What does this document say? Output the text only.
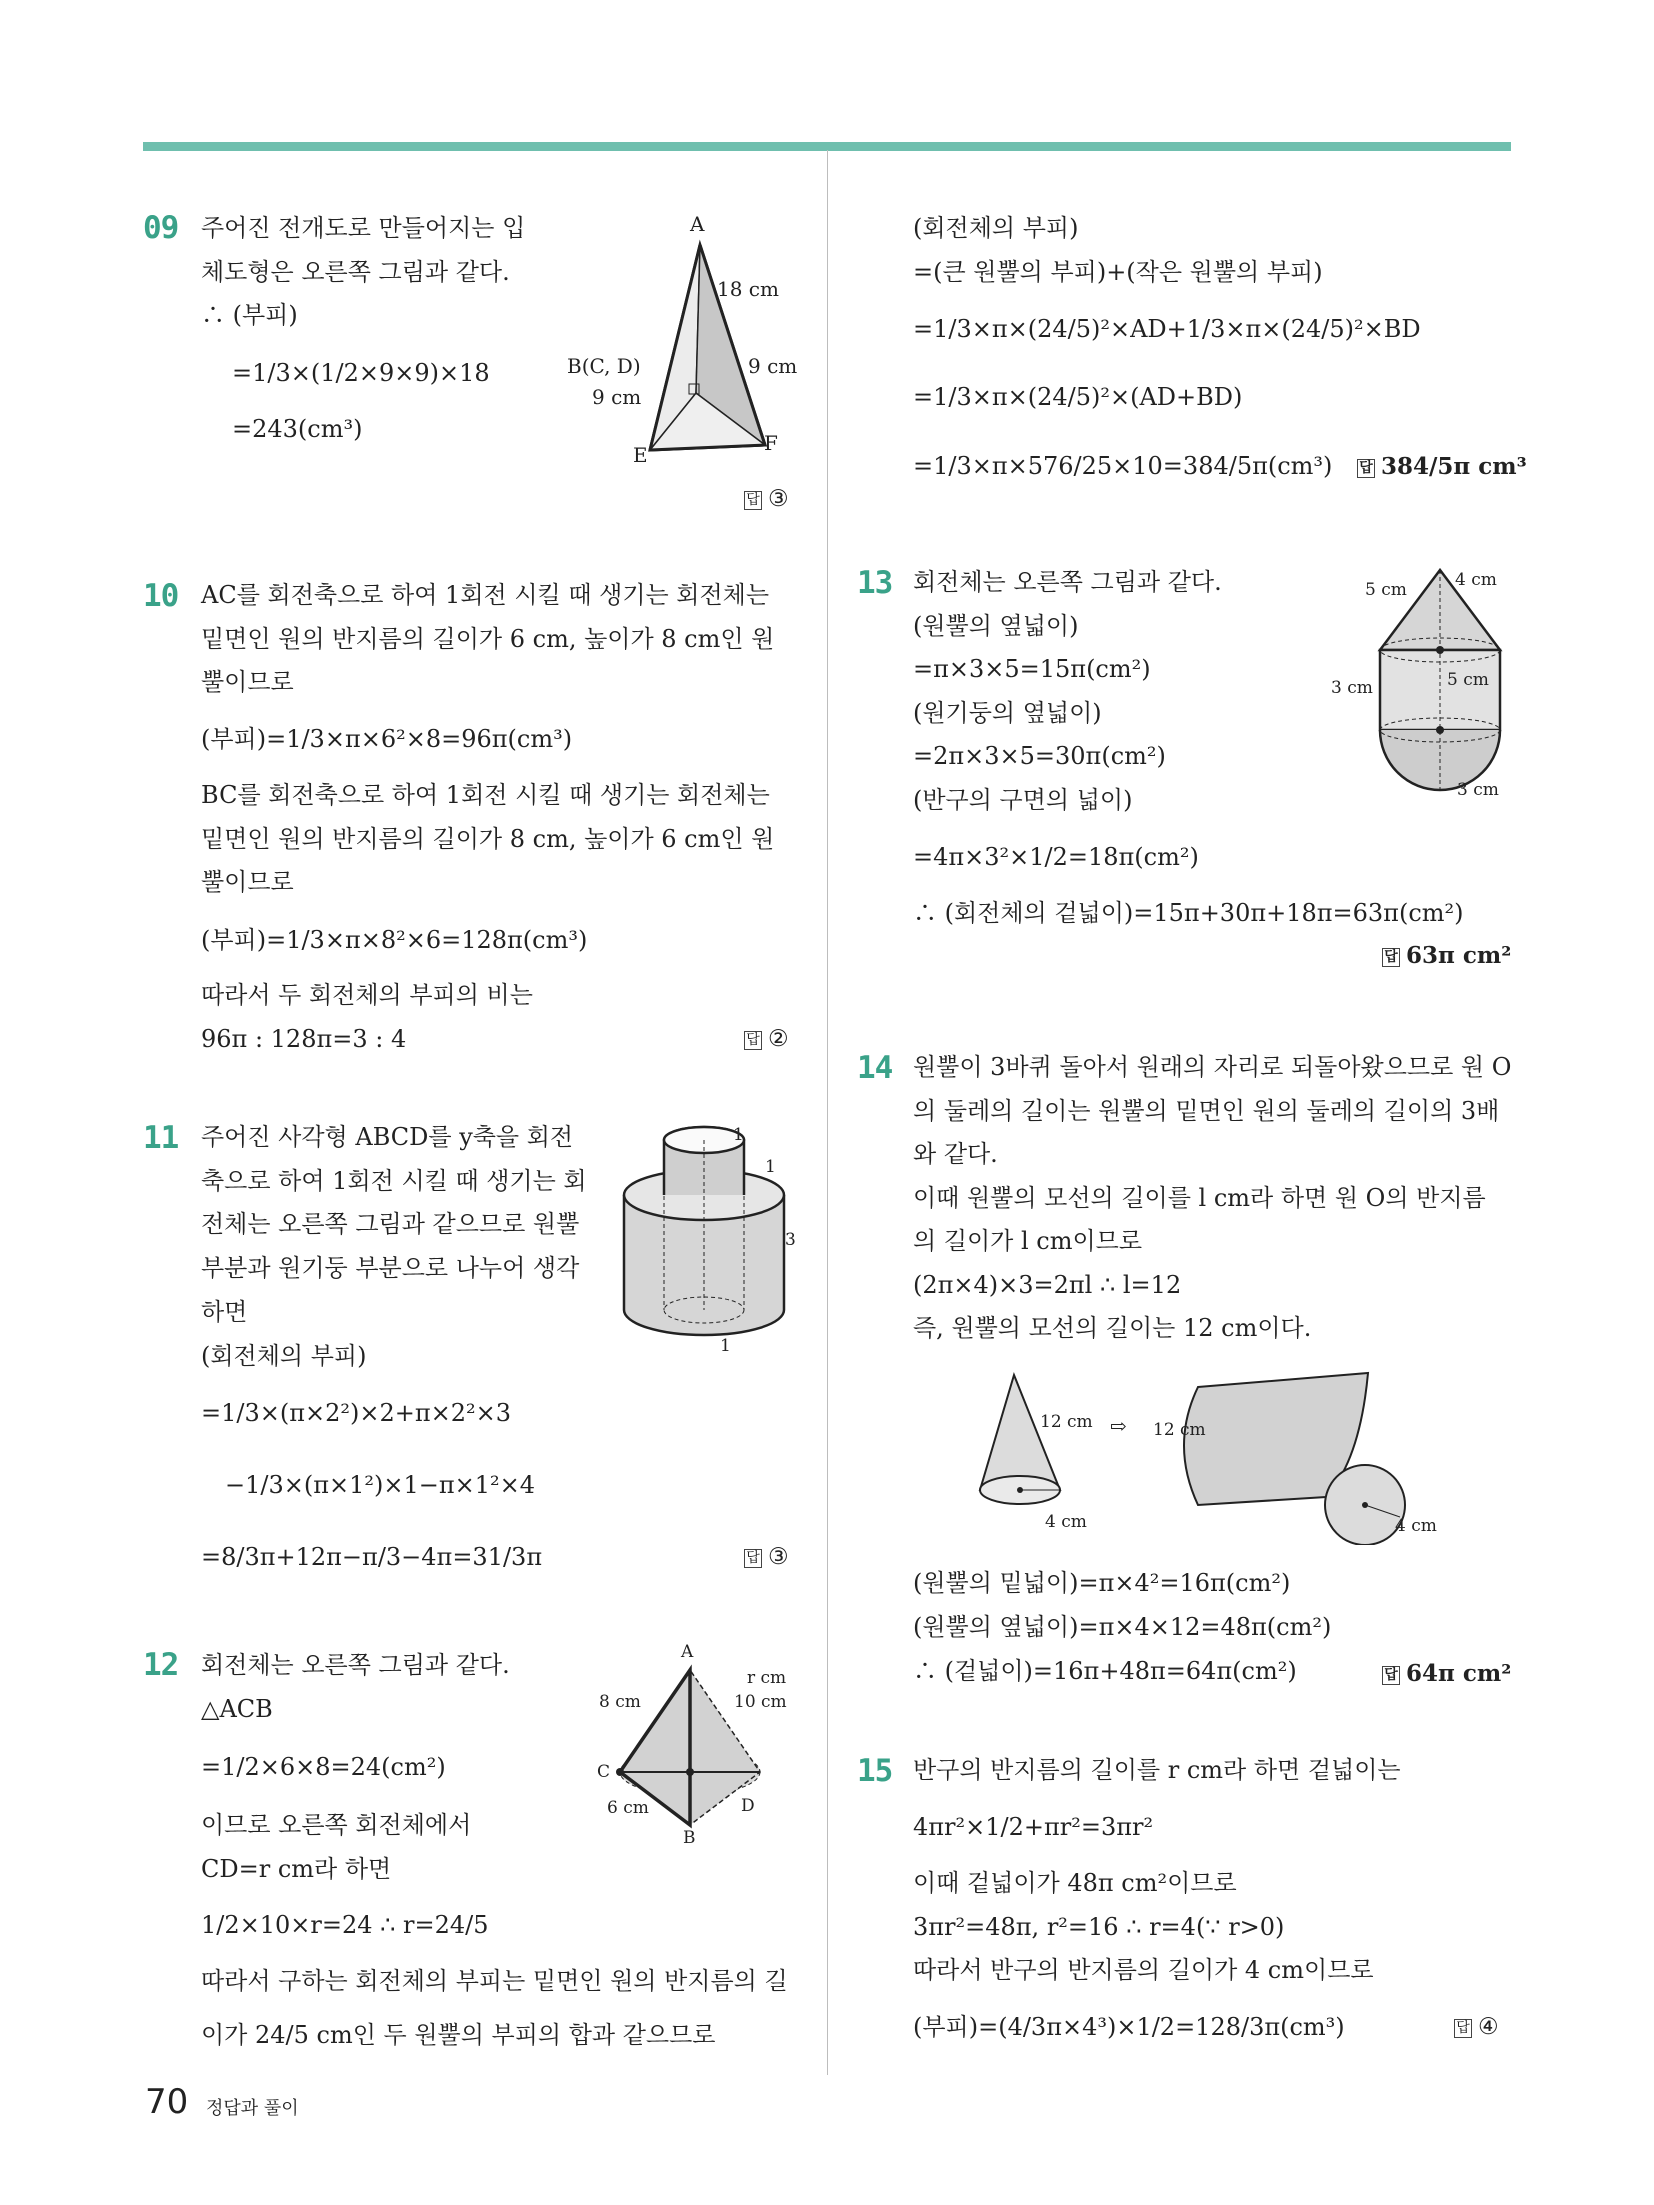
09 주어진 전개도로 만들어지는 입
체도형은 오른쪽 그림과 같다.
∴ (부피)
=1/3×(1/2×9×9)×18
=243(cm³)
A
18 cm
B(C, D)
9 cm
9 cm
E	F
답 ③
10 AC를 회전축으로 하여 1회전 시킬 때 생기는 회전체는
밑면인 원의 반지름의 길이가 6 cm, 높이가 8 cm인 원
뿔이므로
(부피)=1/3×π×6²×8=96π(cm³)
BC를 회전축으로 하여 1회전 시킬 때 생기는 회전체는
밑면인 원의 반지름의 길이가 8 cm, 높이가 6 cm인 원
뿔이므로
(부피)=1/3×π×8²×6=128π(cm³)
따라서 두 회전체의 부피의 비는
96π : 128π=3 : 4	답 ②
11 주어진 사각형 ABCD를 y축을 회전
축으로 하여 1회전 시킬 때 생기는 회
전체는 오른쪽 그림과 같으므로 원뿔
부분과 원기둥 부분으로 나누어 생각
하면
(회전체의 부피)
=1/3×(π×2²)×2+π×2²×3
−1/3×(π×1²)×1−π×1²×4
=8/3π+12π−π/3−4π=31/3π
1
1
3
1
답 ③
12 회전체는 오른쪽 그림과 같다.
△ACB
=1/2×6×8=24(cm²)
이므로 오른쪽 회전체에서
CD=r cm라 하면
1/2×10×r=24 ∴ r=24/5
따라서 구하는 회전체의 부피는 밑면인 원의 반지름의 길
이가 24/5 cm인 두 원뿔의 부피의 합과 같으므로
A
r cm
10 cm
8 cm
C
6 cm	D
B
(회전체의 부피)
=(큰 원뿔의 부피)+(작은 원뿔의 부피)
=1/3×π×(24/5)²×AD+1/3×π×(24/5)²×BD
=1/3×π×(24/5)²×(AD+BD)
=1/3×π×576/25×10=384/5π(cm³) 답 384/5π cm³
13 회전체는 오른쪽 그림과 같다.
(원뿔의 옆넓이)
=π×3×5=15π(cm²)
(원기둥의 옆넓이)
=2π×3×5=30π(cm²)
(반구의 구면의 넓이)
=4π×3²×1/2=18π(cm²)
∴ (회전체의 겉넓이)=15π+30π+18π=63π(cm²)
답 63π cm²
5 cm	4 cm
3 cm	5 cm
3 cm
14 원뿔이 3바퀴 돌아서 원래의 자리로 되돌아왔으므로 원 O
의 둘레의 길이는 원뿔의 밑면인 원의 둘레의 길이의 3배
와 같다.
이때 원뿔의 모선의 길이를 l cm라 하면 원 O의 반지름
의 길이가 l cm이므로
(2π×4)×3=2πl ∴ l=12
즉, 원뿔의 모선의 길이는 12 cm이다.
12 cm
4 cm
⇨ 12 cm
4 cm
(원뿔의 밑넓이)=π×4²=16π(cm²)
(원뿔의 옆넓이)=π×4×12=48π(cm²)
∴ (겉넓이)=16π+48π=64π(cm²)	답 64π cm²
15 반구의 반지름의 길이를 r cm라 하면 겉넓이는
4πr²×1/2+πr²=3πr²
이때 겉넓이가 48π cm²이므로
3πr²=48π, r²=16 ∴ r=4(∵ r>0)
따라서 반구의 반지름의 길이가 4 cm이므로
(부피)=(4/3π×4³)×1/2=128/3π(cm³)	답 ④
70 정답과 풀이
